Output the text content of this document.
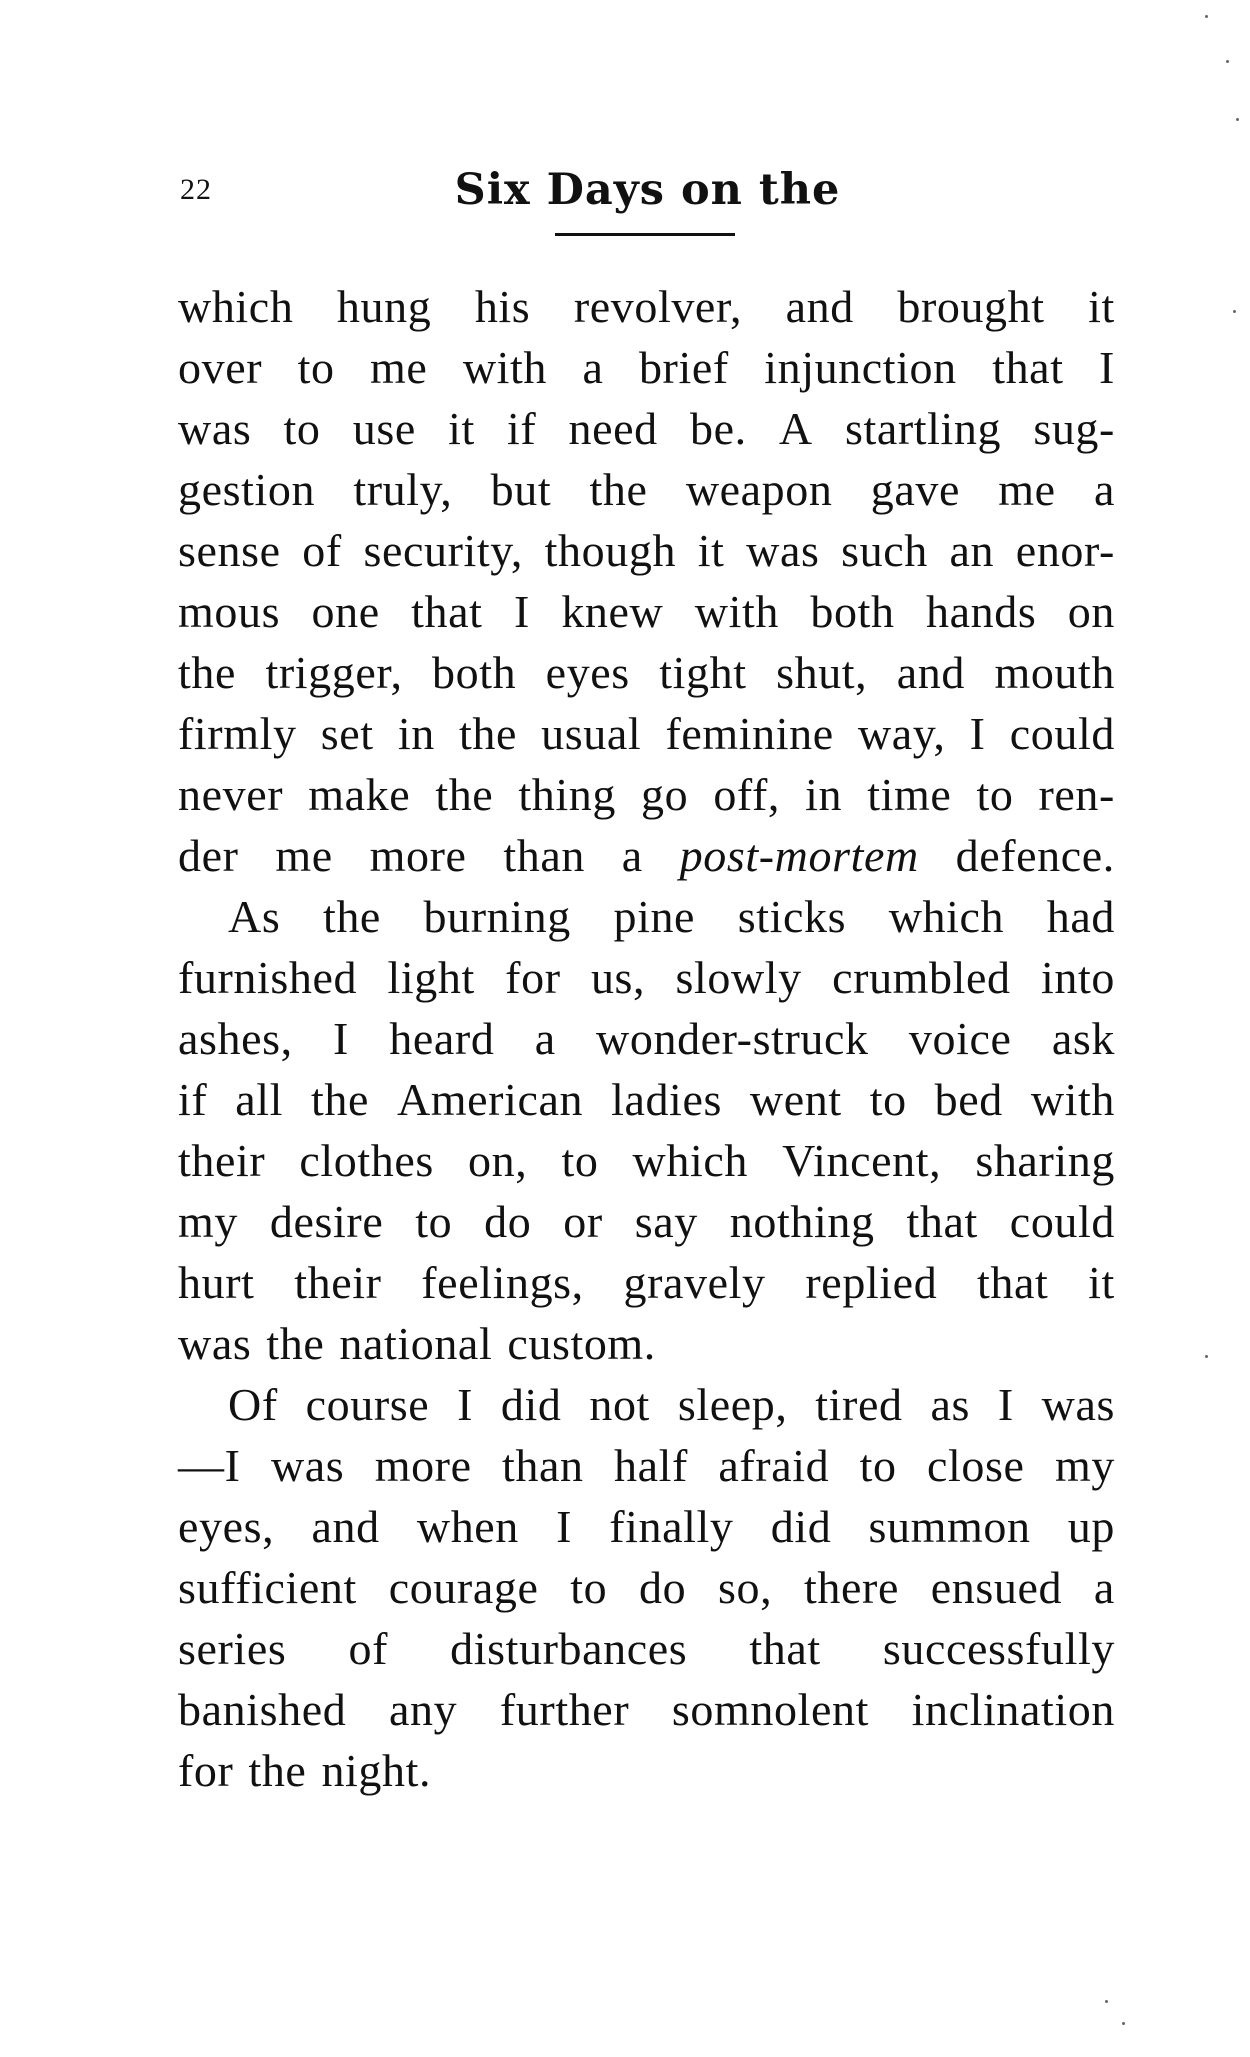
22	Six Days on the
which hung his revolver, and brought it
over to me with a brief injunction that I
was to use it if need be. A startling sug-
gestion truly, but the weapon gave me a
sense of security, though it was such an enor-
mous one that I knew with both hands on
the trigger, both eyes tight shut, and mouth
firmly set in the usual feminine way, I could
never make the thing go off, in time to ren-
der me more than a post-mortem defence.
As the burning pine sticks which had
furnished light for us, slowly crumbled into
ashes, I heard a wonder-struck voice ask
if all the American ladies went to bed with
their clothes on, to which Vincent, sharing
my desire to do or say nothing that could
hurt their feelings, gravely replied that it
was the national custom.
Of course I did not sleep, tired as I was
—I was more than half afraid to close my
eyes, and when I finally did summon up
sufficient courage to do so, there ensued a
series of disturbances that successfully
banished any further somnolent inclination
for the night.
